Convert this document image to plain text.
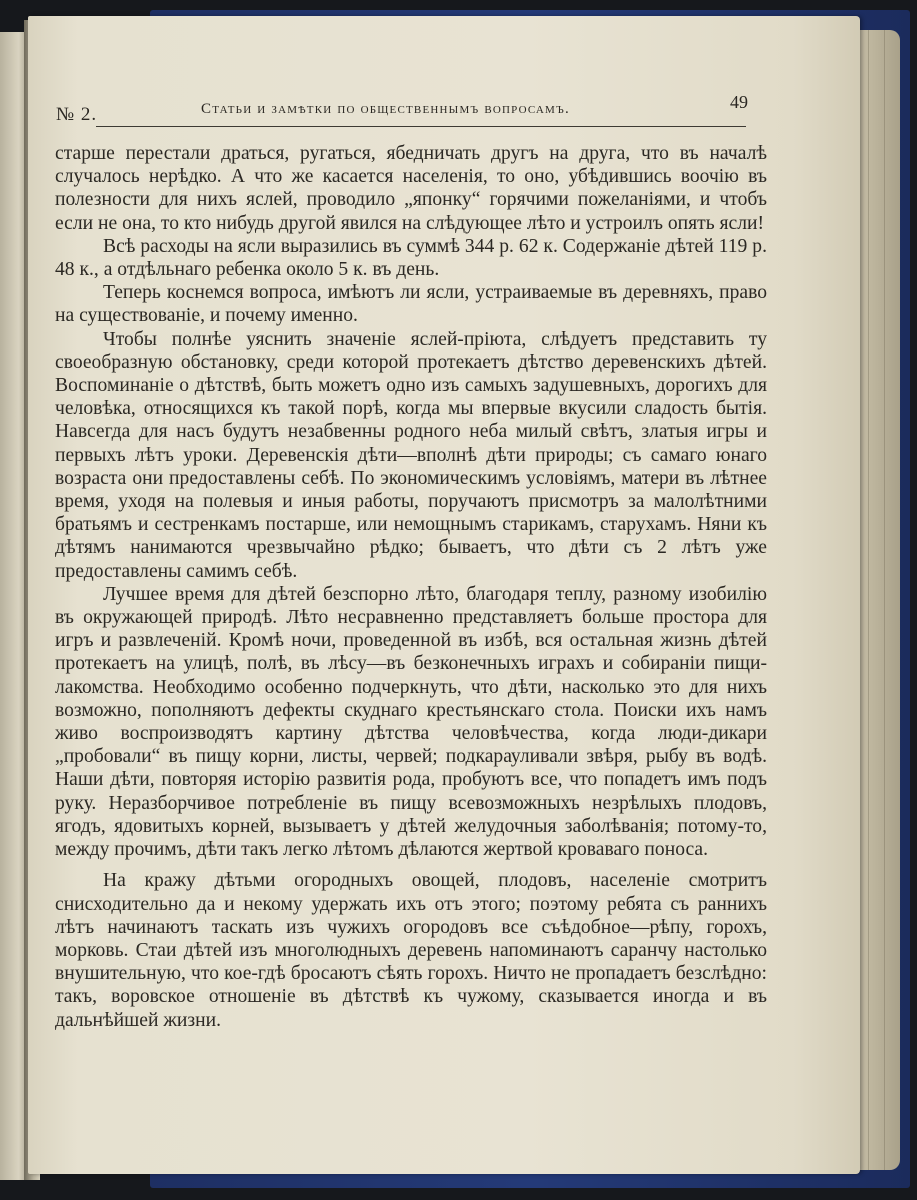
№ 2.	Статьи и замѣтки по общественнымъ вопросамъ.	49

старше перестали драться, ругаться, ябедничать другъ на друга, что въ началѣ случалось нерѣдко. А что же касается населенія, то оно, убѣдившись воочію въ полезности для нихъ яслей, проводило „японку“ горячими пожеланіями, и чтобъ если не она, то кто нибудь другой явился на слѣдующее лѣто и устроилъ опять ясли!

Всѣ расходы на ясли выразились въ суммѣ 344 р. 62 к. Содержаніе дѣтей 119 р. 48 к., а отдѣльнаго ребенка около 5 к. въ день.

Теперь коснемся вопроса, имѣютъ ли ясли, устраиваемые въ деревняхъ, право на существованіе, и почему именно.

Чтобы полнѣе уяснить значеніе яслей-пріюта, слѣдуетъ представить ту своеобразную обстановку, среди которой протекаетъ дѣтство деревенскихъ дѣтей. Воспоминаніе о дѣтствѣ, быть можетъ одно изъ самыхъ задушевныхъ, дорогихъ для человѣка, относящихся къ такой порѣ, когда мы впервые вкусили сладость бытія. Навсегда для насъ будутъ незабвенны родного неба милый свѣтъ, златыя игры и первыхъ лѣтъ уроки. Деревенскія дѣти—вполнѣ дѣти природы; съ самаго юнаго возраста они предоставлены себѣ. По экономическимъ условіямъ, матери въ лѣтнее время, уходя на полевыя и иныя работы, поручаютъ присмотръ за малолѣтними братьямъ и сестренкамъ постарше, или немощнымъ старикамъ, старухамъ. Няни къ дѣтямъ нанимаются чрезвычайно рѣдко; бываетъ, что дѣти съ 2 лѣтъ уже предоставлены самимъ себѣ.

Лучшее время для дѣтей безспорно лѣто, благодаря теплу, разному изобилію въ окружающей природѣ. Лѣто несравненно представляетъ больше простора для игръ и развлеченій. Кромѣ ночи, проведенной въ избѣ, вся остальная жизнь дѣтей протекаетъ на улицѣ, полѣ, въ лѣсу—въ безконечныхъ играхъ и собираніи пищи-лакомства. Необходимо особенно подчеркнуть, что дѣти, насколько это для нихъ возможно, пополняютъ дефекты скуднаго крестьянскаго стола. Поиски ихъ намъ живо воспроизводятъ картину дѣтства человѣчества, когда люди-дикари „пробовали“ въ пищу корни, листы, червей; подкарауливали звѣря, рыбу въ водѣ. Наши дѣти, повторяя исторію развитія рода, пробуютъ все, что попадетъ имъ подъ руку. Неразборчивое потребленіе въ пищу всевозможныхъ незрѣлыхъ плодовъ, ягодъ, ядовитыхъ корней, вызываетъ у дѣтей желудочныя заболѣванія; потому-то, между прочимъ, дѣти такъ легко лѣтомъ дѣлаются жертвой кроваваго поноса.

На кражу дѣтьми огородныхъ овощей, плодовъ, населеніе смотритъ снисходительно да и некому удержать ихъ отъ этого; поэтому ребята съ раннихъ лѣтъ начинаютъ таскать изъ чужихъ огородовъ все съѣдобное—рѣпу, горохъ, морковь. Стаи дѣтей изъ многолюдныхъ деревень напоминаютъ саранчу настолько внушительную, что кое-гдѣ бросаютъ сѣять горохъ. Ничто не пропадаетъ безслѣдно: такъ, воровское отношеніе въ дѣтствѣ къ чужому, сказывается иногда и въ дальнѣйшей жизни.
